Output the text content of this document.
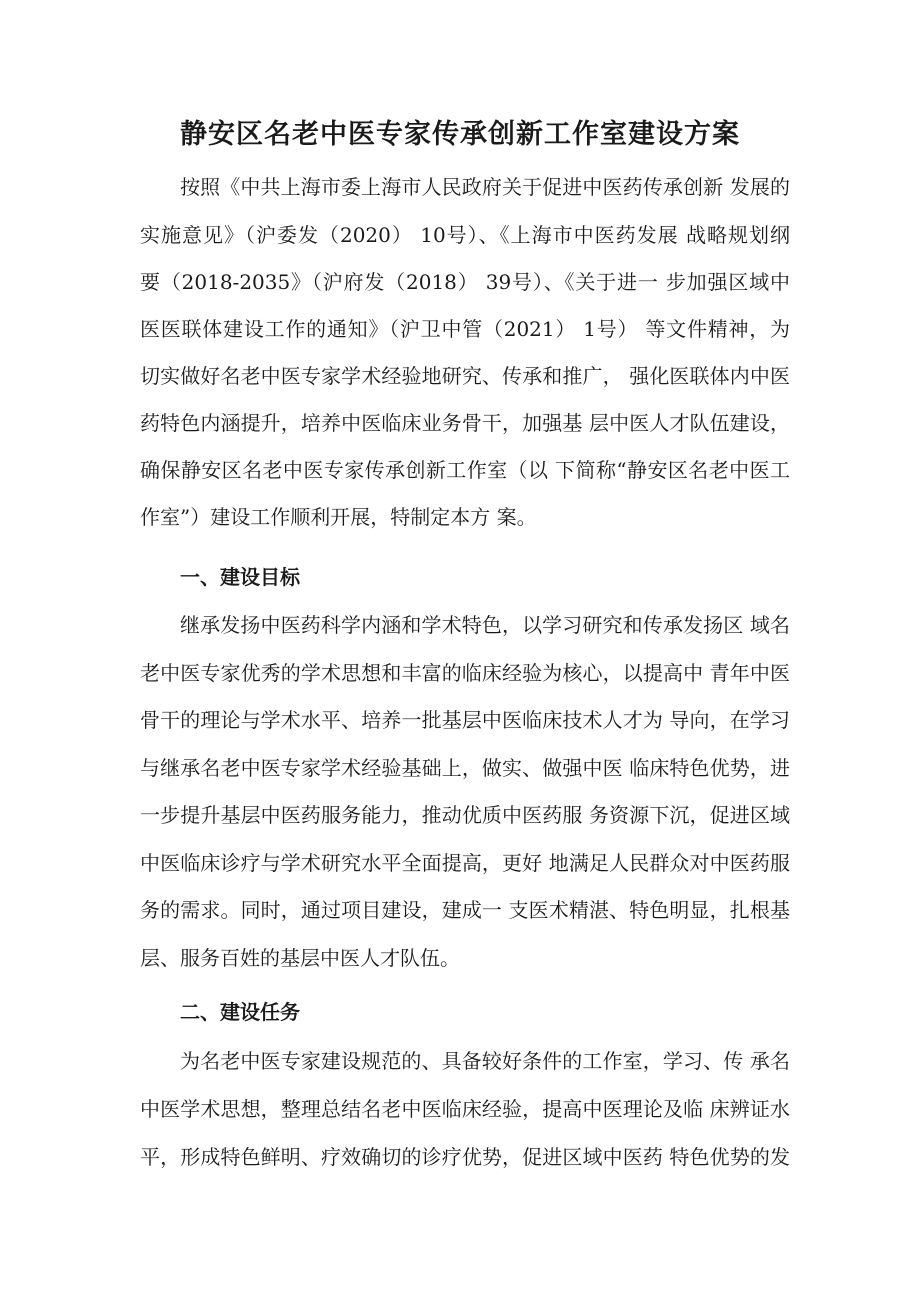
静安区名老中医专家传承创新工作室建设方案

按照《中共上海市委上海市人民政府关于促进中医药传承创新 发展的

实施意见》（沪委发（2020） 10号）、《上海市中医药发展 战略规划纲

要（2018-2035》（沪府发（2018） 39号）、《关于进一 步加强区域中

医医联体建设工作的通知》（沪卫中管（2021） 1号） 等文件精神，为

切实做好名老中医专家学术经验地研究、传承和推广， 强化医联体内中医

药特色内涵提升，培养中医临床业务骨干，加强基 层中医人才队伍建设，

确保静安区名老中医专家传承创新工作室（以 下简称“静安区名老中医工

作室”）建设工作顺利开展，特制定本方 案。

一、建设目标

继承发扬中医药科学内涵和学术特色，以学习研究和传承发扬区 域名

老中医专家优秀的学术思想和丰富的临床经验为核心，以提高中 青年中医

骨干的理论与学术水平、培养一批基层中医临床技术人才为 导向，在学习

与继承名老中医专家学术经验基础上，做实、做强中医 临床特色优势，进

一步提升基层中医药服务能力，推动优质中医药服 务资源下沉，促进区域

中医临床诊疗与学术研究水平全面提高，更好 地满足人民群众对中医药服

务的需求。同时，通过项目建设，建成一 支医术精湛、特色明显，扎根基

层、服务百姓的基层中医人才队伍。

二、建设任务

为名老中医专家建设规范的、具备较好条件的工作室，学习、传 承名

中医学术思想，整理总结名老中医临床经验，提高中医理论及临 床辨证水

平，形成特色鲜明、疗效确切的诊疗优势，促进区域中医药 特色优势的发
